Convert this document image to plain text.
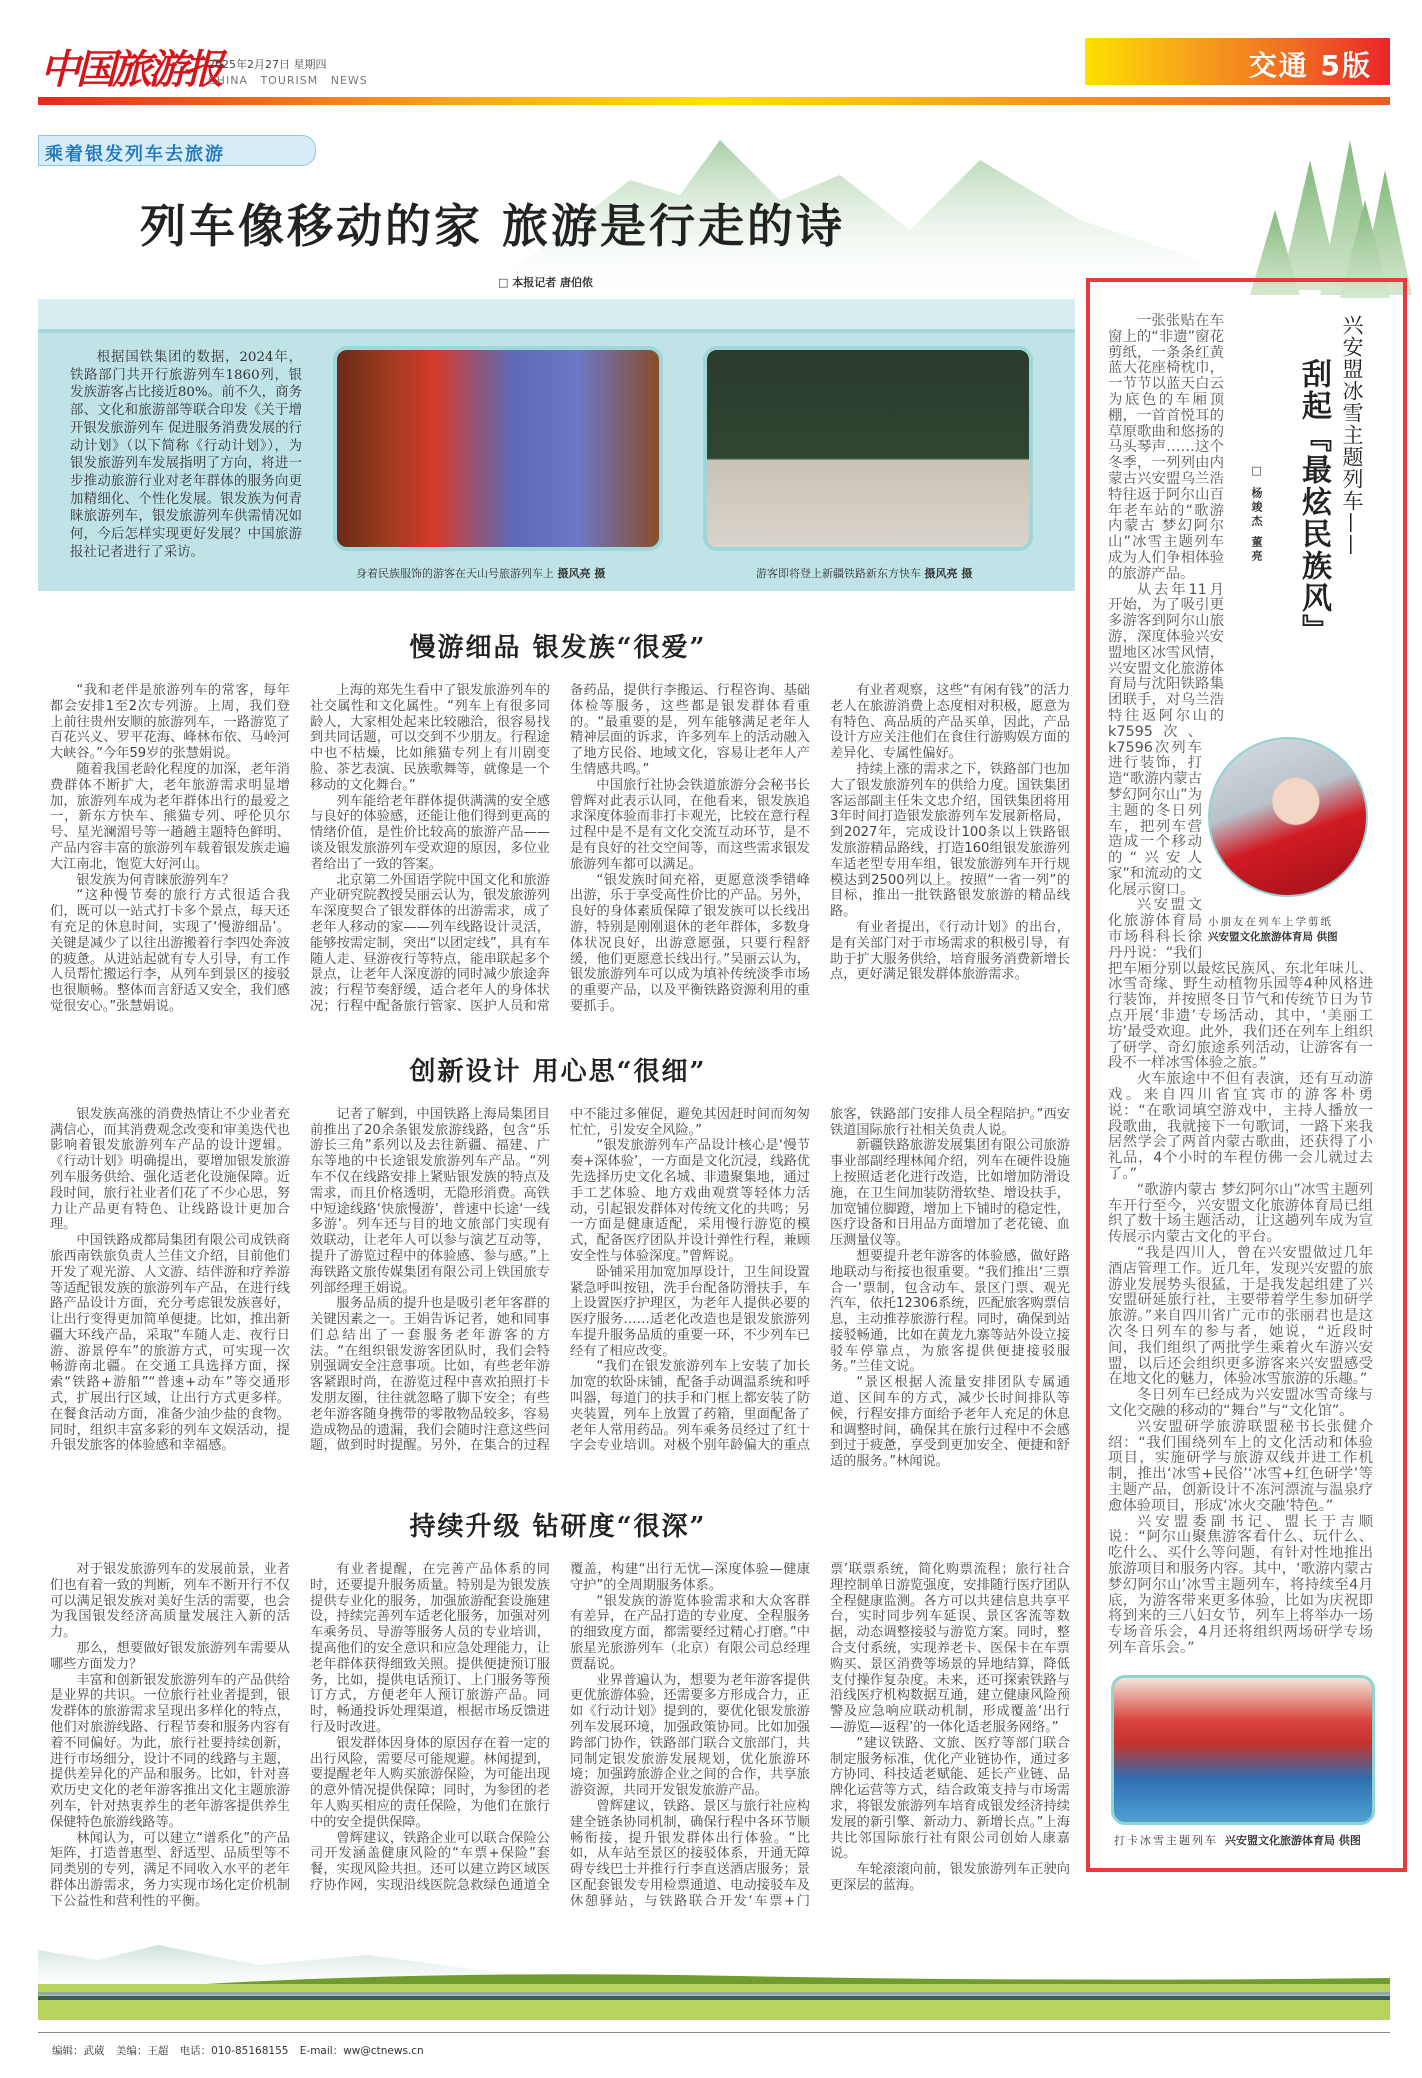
中国旅游报
2025年2月27日 星期四
CHINA TOURISM NEWS	交通 5版
乘着银发列车去旅游
列车像移动的家 旅游是行走的诗
□ 本报记者 唐伯侬

根据国铁集团的数据，2024年，铁路部门共开行旅游列车1860列，银发族游客占比接近80%。前不久，商务部、文化和旅游部等联合印发《关于增开银发旅游列车 促进服务消费发展的行动计划》（以下简称《行动计划》），为银发旅游列车发展指明了方向，将进一步推动旅游行业对老年群体的服务向更加精细化、个性化发展。银发族为何青睐旅游列车，银发旅游列车供需情况如何，今后怎样实现更好发展？中国旅游报社记者进行了采访。

身着民族服饰的游客在天山号旅游列车上 摄风亮 摄	游客即将登上新疆铁路新东方快车 摄风亮 摄
慢游细品 银发族“很爱”

“我和老伴是旅游列车的常客，每年都会安排1至2次专列游。上周，我们登上前往贵州安顺的旅游列车，一路游览了百花兴义、罗平花海、峰林布依、马岭河大峡谷。”今年59岁的张慧娟说。

随着我国老龄化程度的加深，老年消费群体不断扩大，老年旅游需求明显增加，旅游列车成为老年群体出行的最爱之一，新东方快车、熊猫专列、呼伦贝尔号、星光澜湄号等一趟趟主题特色鲜明、产品内容丰富的旅游列车载着银发族走遍大江南北，饱览大好河山。

银发族为何青睐旅游列车？

“这种慢节奏的旅行方式很适合我们，既可以一站式打卡多个景点，每天还有充足的休息时间，实现了‘慢游细品’。关键是减少了以往出游搬着行李四处奔波的疲惫。从进站起就有专人引导，有工作人员帮忙搬运行李，从列车到景区的接驳也很顺畅。整体而言舒适又安全，我们感觉很安心。”张慧娟说。

上海的郑先生看中了银发旅游列车的社交属性和文化属性。“列车上有很多同龄人，大家相处起来比较融洽，很容易找到共同话题，可以交到不少朋友。行程途中也不枯燥，比如熊猫专列上有川剧变脸、茶艺表演、民族歌舞等，就像是一个移动的文化舞台。”

列车能给老年群体提供满满的安全感与良好的体验感，还能让他们得到更高的情绪价值，是性价比较高的旅游产品——谈及银发旅游列车受欢迎的原因，多位业者给出了一致的答案。

北京第二外国语学院中国文化和旅游产业研究院教授吴丽云认为，银发旅游列车深度契合了银发群体的出游需求，成了老年人移动的家——列车线路设计灵活，能够按需定制，突出“以团定线”，具有车随人走、昼游夜行等特点，能串联起多个景点，让老年人深度游的同时减少旅途奔波；行程节奏舒缓，适合老年人的身体状况；行程中配备旅行管家、医护人员和常备药品，提供行李搬运、行程咨询、基础体检等服务，这些都是银发群体看重的。“最重要的是，列车能够满足老年人精神层面的诉求，许多列车上的活动融入了地方民俗、地域文化，容易让老年人产生情感共鸣。”

中国旅行社协会铁道旅游分会秘书长曾辉对此表示认同，在他看来，银发族追求深度体验而非打卡观光，比较在意行程过程中是不是有文化交流互动环节，是不是有良好的社交空间等，而这些需求银发旅游列车都可以满足。

“银发族时间充裕，更愿意淡季错峰出游，乐于享受高性价比的产品。另外，良好的身体素质保障了银发族可以长线出游，特别是刚刚退休的老年群体，多数身体状况良好，出游意愿强，只要行程舒缓，他们更愿意长线出行。”吴丽云认为，银发旅游列车可以成为填补传统淡季市场的重要产品，以及平衡铁路资源利用的重要抓手。

有业者观察，这些“有闲有钱”的活力老人在旅游消费上态度相对积极，愿意为有特色、高品质的产品买单，因此，产品设计方应关注他们在食住行游购娱方面的差异化、专属性偏好。

持续上涨的需求之下，铁路部门也加大了银发旅游列车的供给力度。国铁集团客运部副主任朱文忠介绍，国铁集团将用3年时间打造银发旅游列车发展新格局，到2027年，完成设计100条以上铁路银发旅游精品路线，打造160组银发旅游列车适老型专用车组，银发旅游列车开行规模达到2500列以上。按照“一省一列”的目标，推出一批铁路银发旅游的精品线路。

有业者提出，《行动计划》的出台，是有关部门对于市场需求的积极引导，有助于扩大服务供给，培育服务消费新增长点，更好满足银发群体旅游需求。

创新设计 用心思“很细”

银发族高涨的消费热情让不少业者充满信心，而其消费观念改变和审美迭代也影响着银发旅游列车产品的设计逻辑。《行动计划》明确提出，要增加银发旅游列车服务供给、强化适老化设施保障。近段时间，旅行社业者们花了不少心思，努力让产品更有特色、让线路设计更加合理。

中国铁路成都局集团有限公司成铁商旅西南铁旅负责人兰佳文介绍，目前他们开发了观光游、人文游、结伴游和疗养游等适配银发族的旅游列车产品，在进行线路产品设计方面，充分考虑银发族喜好，让出行变得更加简单便捷。比如，推出新疆大环线产品，采取“车随人走、夜行日游、游景停车”的旅游方式，可实现一次畅游南北疆。在交通工具选择方面，探索“铁路+游船”“普速+动车”等交通形式，扩展出行区域，让出行方式更多样。在餐食活动方面，准备少油少盐的食物。同时，组织丰富多彩的列车文娱活动，提升银发旅客的体验感和幸福感。

记者了解到，中国铁路上海局集团目前推出了20余条银发旅游线路，包含“乐游长三角”系列以及去往新疆、福建、广东等地的中长途银发旅游列车产品。“列车不仅在线路安排上紧贴银发族的特点及需求，而且价格透明，无隐形消费。高铁中短途线路‘快旅慢游’，普速中长途‘一线多游’。列车还与目的地文旅部门实现有效联动，让老年人可以参与演艺互动等，提升了游览过程中的体验感、参与感。”上海铁路文旅传媒集团有限公司上铁国旅专列部经理王娟说。

服务品质的提升也是吸引老年客群的关键因素之一。王娟告诉记者，她和同事们总结出了一套服务老年游客的方法。“在组织银发游客团队时，我们会特别强调安全注意事项。比如，有些老年游客紧跟时尚，在游览过程中喜欢拍照打卡发朋友圈，往往就忽略了脚下安全；有些老年游客随身携带的零散物品较多，容易造成物品的遗漏，我们会随时注意这些问题，做到时时提醒。另外，在集合的过程中不能过多催促，避免其因赶时间而匆匆忙忙，引发安全风险。”

“银发旅游列车产品设计核心是‘慢节奏+深体验’，一方面是文化沉浸，线路优先选择历史文化名城、非遗聚集地，通过手工艺体验、地方戏曲观赏等轻体力活动，引起银发群体对传统文化的共鸣；另一方面是健康适配，采用慢行游览的模式，配备医疗团队并设计弹性行程，兼顾安全性与体验深度。”曾辉说。

卧铺采用加宽加厚设计，卫生间设置紧急呼叫按钮，洗手台配备防滑扶手，车上设置医疗护理区，为老年人提供必要的医疗服务……适老化改造也是银发旅游列车提升服务品质的重要一环，不少列车已经有了相应改变。

“我们在银发旅游列车上安装了加长加宽的软卧床铺，配备手动调温系统和呼叫器，每道门的扶手和门框上都安装了防夹装置，列车上放置了药箱，里面配备了老年人常用药品。列车乘务员经过了红十字会专业培训。对极个别年龄偏大的重点旅客，铁路部门安排人员全程陪护。”西安铁道国际旅行社相关负责人说。

新疆铁路旅游发展集团有限公司旅游事业部副经理林闻介绍，列车在硬件设施上按照适老化进行改造，比如增加防滑设施，在卫生间加装防滑软垫、增设扶手，加宽铺位脚蹬，增加上下铺时的稳定性，医疗设备和日用品方面增加了老花镜、血压测量仪等。

想要提升老年游客的体验感，做好路地联动与衔接也很重要。“我们推出‘三票合一’票制，包含动车、景区门票、观光汽车，依托12306系统，匹配旅客购票信息，主动推荐旅游行程。同时，确保到站接驳畅通，比如在黄龙九寨等站外设立接驳车停靠点，为旅客提供便捷接驳服务。”兰佳文说。

“景区根据人流量安排团队专属通道、区间车的方式，减少长时间排队等候，行程安排方面给予老年人充足的休息和调整时间，确保其在旅行过程中不会感到过于疲惫，享受到更加安全、便捷和舒适的服务。”林闻说。

持续升级 钻研度“很深”

对于银发旅游列车的发展前景，业者们也有着一致的判断，列车不断开行不仅可以满足银发族对美好生活的需要，也会为我国银发经济高质量发展注入新的活力。

那么，想要做好银发旅游列车需要从哪些方面发力？

丰富和创新银发旅游列车的产品供给是业界的共识。一位旅行社业者提到，银发群体的旅游需求呈现出多样化的特点，他们对旅游线路、行程节奏和服务内容有着不同偏好。为此，旅行社要持续创新，进行市场细分，设计不同的线路与主题，提供差异化的产品和服务。比如，针对喜欢历史文化的老年游客推出文化主题旅游列车，针对热衷养生的老年游客提供养生保健特色旅游线路等。

林闻认为，可以建立“谱系化”的产品矩阵，打造普惠型、舒适型、品质型等不同类别的专列，满足不同收入水平的老年群体出游需求，务力实现市场化定价机制下公益性和营利性的平衡。

有业者提醒，在完善产品体系的同时，还要提升服务质量。特别是为银发族提供专业化的服务，加强旅游配套设施建设，持续完善列车适老化服务，加强对列车乘务员、导游等服务人员的专业培训，提高他们的安全意识和应急处理能力，让老年群体获得细致关照。提供便捷预订服务，比如，提供电话预订、上门服务等预订方式，方便老年人预订旅游产品。同时，畅通投诉处理渠道，根据市场反馈进行及时改进。

银发群体因身体的原因存在着一定的出行风险，需要尽可能规避。林闻提到，要提醒老年人购买旅游保险，为可能出现的意外情况提供保障；同时，为参团的老年人购买相应的责任保险，为他们在旅行中的安全提供保障。

曾辉建议，铁路企业可以联合保险公司开发涵盖健康风险的“车票+保险”套餐，实现风险共担。还可以建立跨区域医疗协作网，实现沿线医院急救绿色通道全覆盖，构建“出行无忧—深度体验—健康守护”的全周期服务体系。

“银发族的游览体验需求和大众客群有差异，在产品打造的专业度、全程服务的细致度方面，都需要经过精心打磨。”中旅星光旅游列车（北京）有限公司总经理贾磊说。

业界普遍认为，想要为老年游客提供更优旅游体验，还需要多方形成合力，正如《行动计划》提到的，要优化银发旅游列车发展环境，加强政策协同。比如加强跨部门协作，铁路部门联合文旅部门，共同制定银发旅游发展规划，优化旅游环境；加强跨旅游企业之间的合作，共享旅游资源，共同开发银发旅游产品。

曾辉建议，铁路、景区与旅行社应构建全链条协同机制，确保行程中各环节顺畅衔接，提升银发群体出行体验。“比如，从车站至景区的接驳体系，开通无障碍专线巴士并推行行李直送酒店服务；景区配套银发专用检票通道、电动接驳车及休憩驿站，与铁路联合开发‘车票+门票’联票系统，简化购票流程；旅行社合理控制单日游览强度，安排随行医疗团队全程健康监测。各方可以共建信息共享平台，实时同步列车延误、景区客流等数据，动态调整接驳与游览方案。同时，整合支付系统，实现养老卡、医保卡在车票购买、景区消费等场景的异地结算，降低支付操作复杂度。未来，还可探索铁路与沿线医疗机构数据互通，建立健康风险预警及应急响应联动机制，形成覆盖‘出行—游览—返程’的一体化适老服务网络。”

“建议铁路、文旅、医疗等部门联合制定服务标准，优化产业链协作，通过多方协同、科技适老赋能、延长产业链、品牌化运营等方式，结合政策支持与市场需求，将银发旅游列车培育成银发经济持续发展的新引擎、新动力、新增长点。”上海共比邻国际旅行社有限公司创始人康嘉说。

车轮滚滚向前，银发旅游列车正驶向更深层的蓝海。

兴安盟冰雪主题列车——
刮起『最炫民族风』
□ 杨竣杰 董亮
小朋友在列车上学剪纸
兴安盟文化旅游体育局 供图

一张张贴在车窗上的“非遗”窗花剪纸，一条条红黄蓝大花座椅枕巾，一节节以蓝天白云为底色的车厢顶棚，一首首悦耳的草原歌曲和悠扬的马头琴声……这个冬季，一列列由内蒙古兴安盟乌兰浩特往返于阿尔山百年老车站的“歌游内蒙古 梦幻阿尔山”冰雪主题列车成为人们争相体验的旅游产品。

从去年11月开始，为了吸引更多游客到阿尔山旅游，深度体验兴安盟地区冰雪风情，兴安盟文化旅游体育局与沈阳铁路集团联手，对乌兰浩特往返阿尔山的k7595次、k7596次列车进行装饰，打造“歌游内蒙古 梦幻阿尔山”为主题的冬日列车，把列车营造成一个移动的“兴安人家”和流动的文化展示窗口。

兴安盟文化旅游体育局市场科科长徐丹丹说：“我们把车厢分别以最炫民族风、东北年味儿、冰雪奇缘、野生动植物乐园等4种风格进行装饰，并按照冬日节气和传统节日为节点开展‘非遗’专场活动，其中，‘美丽工坊’最受欢迎。此外，我们还在列车上组织了研学、奇幻旅途系列活动，让游客有一段不一样冰雪体验之旅。”

火车旅途中不但有表演，还有互动游戏。来自四川省宜宾市的游客朴勇说：“在歌词填空游戏中，主持人播放一段歌曲，我就接下一句歌词，一路下来我居然学会了两首内蒙古歌曲，还获得了小礼品，4个小时的车程仿佛一会儿就过去了。”

“歌游内蒙古 梦幻阿尔山”冰雪主题列车开行至今，兴安盟文化旅游体育局已组织了数十场主题活动，让这趟列车成为宣传展示内蒙古文化的平台。

“我是四川人，曾在兴安盟做过几年酒店管理工作。近几年，发现兴安盟的旅游业发展势头很猛，于是我发起组建了兴安盟研延旅行社，主要带着学生参加研学旅游。”来自四川省广元市的张丽君也是这次冬日列车的参与者，她说，“近段时间，我们组织了两批学生乘着火车游兴安盟，以后还会组织更多游客来兴安盟感受在地文化的魅力，体验冰雪旅游的乐趣。”

冬日列车已经成为兴安盟冰雪奇缘与文化交融的移动的“舞台”与“文化馆”。

兴安盟研学旅游联盟秘书长张健介绍：“我们围绕列车上的文化活动和体验项目，实施研学与旅游双线并进工作机制，推出‘冰雪+民俗’‘冰雪+红色研学’等主题产品，创新设计不冻河漂流与温泉疗愈体验项目，形成‘冰火交融’特色。”

兴安盟委副书记、盟长于吉顺说：“阿尔山聚焦游客看什么、玩什么、吃什么、买什么等问题，有针对性地推出旅游项目和服务内容。其中，‘歌游内蒙古 梦幻阿尔山’冰雪主题列车，将持续至4月底，为游客带来更多体验，比如为庆祝即将到来的三八妇女节，列车上将举办一场专场音乐会，4月还将组织两场研学专场列车音乐会。”

打卡冰雪主题列车 兴安盟文化旅游体育局 供图
编辑：武葳 美编：王超 电话：010-85168155 E-mail：ww@ctnews.cn
